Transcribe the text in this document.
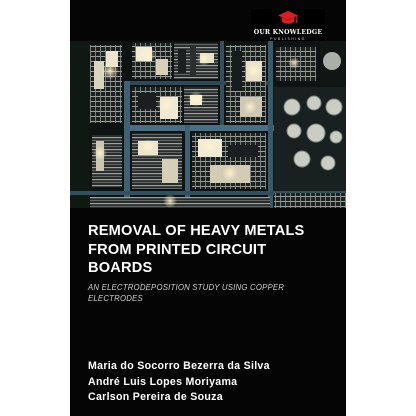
OUR KNOWLEDGE
PUBLISHING
REMOVAL OF HEAVY METALS
FROM PRINTED CIRCUIT
BOARDS
AN ELECTRODEPOSITION STUDY USING COPPER
ELECTRODES
Maria do Socorro Bezerra da Silva
André Luis Lopes Moriyama
Carlson Pereira de Souza
